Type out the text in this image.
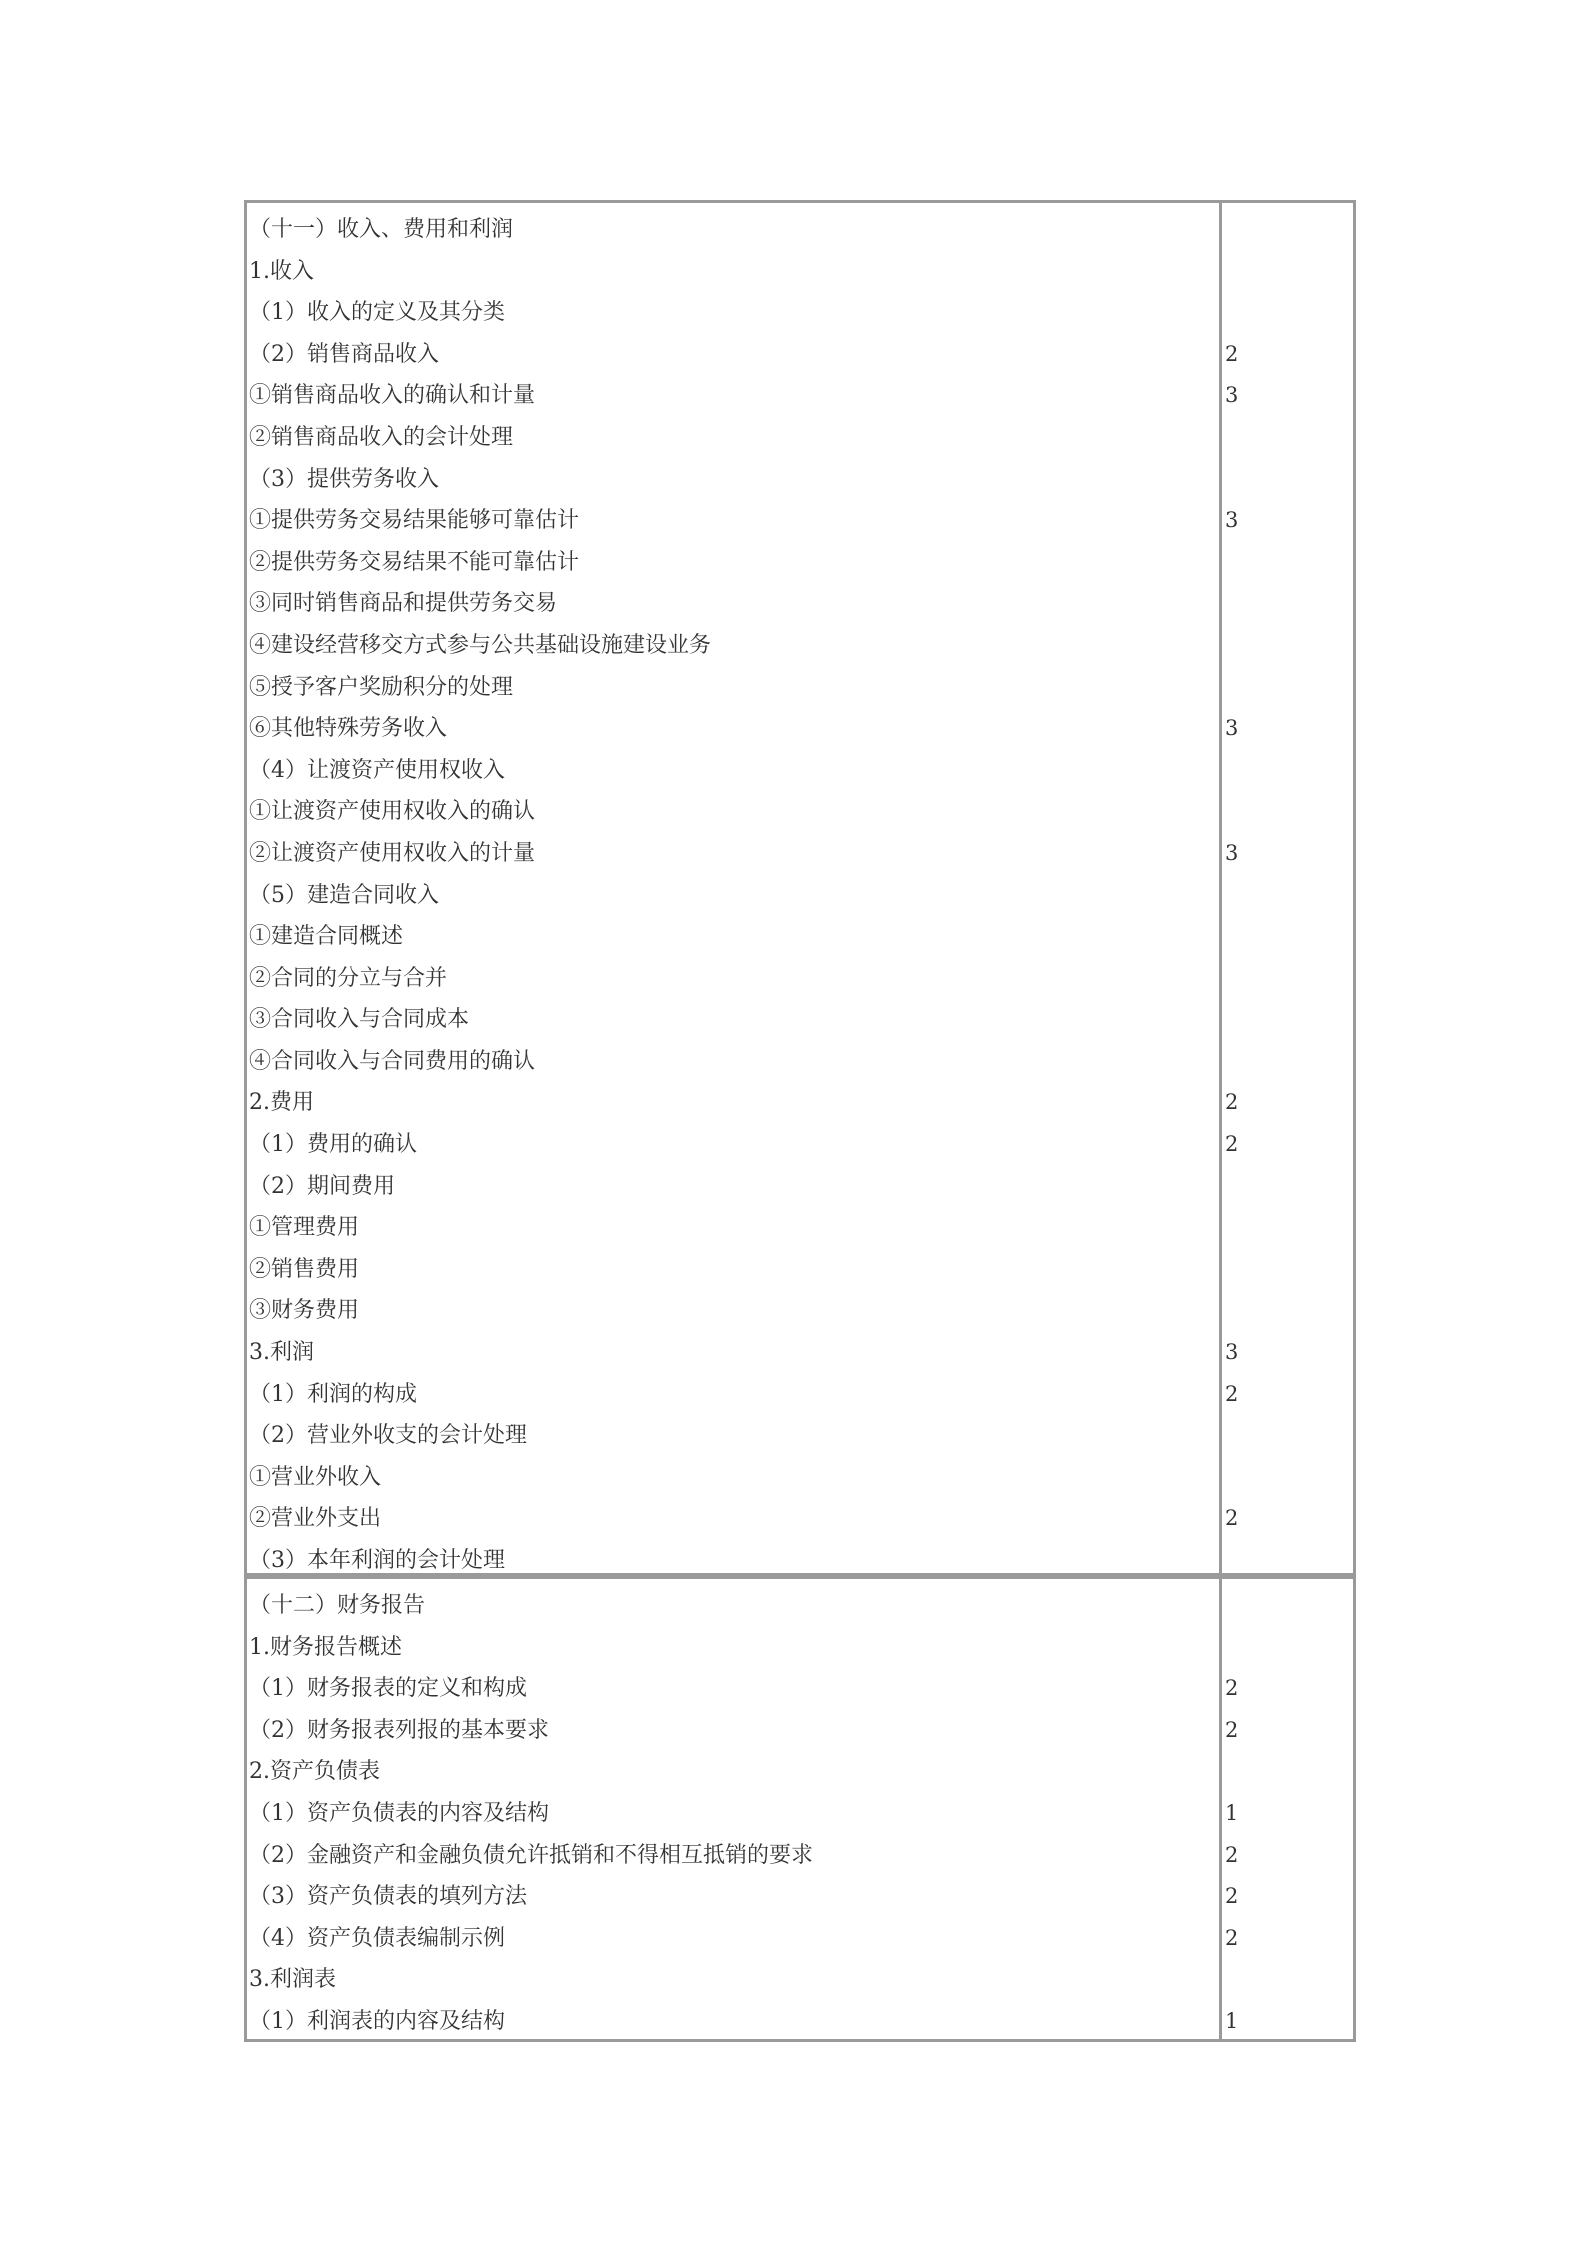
（十一）收入、费用和利润
1.收入
（1）收入的定义及其分类
（2）销售商品收入
①销售商品收入的确认和计量
②销售商品收入的会计处理
（3）提供劳务收入
①提供劳务交易结果能够可靠估计
②提供劳务交易结果不能可靠估计
③同时销售商品和提供劳务交易
④建设经营移交方式参与公共基础设施建设业务
⑤授予客户奖励积分的处理
⑥其他特殊劳务收入
（4）让渡资产使用权收入
①让渡资产使用权收入的确认
②让渡资产使用权收入的计量
（5）建造合同收入
①建造合同概述
②合同的分立与合并
③合同收入与合同成本
④合同收入与合同费用的确认
2.费用
（1）费用的确认
（2）期间费用
①管理费用
②销售费用
③财务费用
3.利润
（1）利润的构成
（2）营业外收支的会计处理
①营业外收入
②营业外支出
（3）本年利润的会计处理
2
3
3
3
3
2
2
3
2
2
（十二）财务报告
1.财务报告概述
（1）财务报表的定义和构成
（2）财务报表列报的基本要求
2.资产负债表
（1）资产负债表的内容及结构
（2）金融资产和金融负债允许抵销和不得相互抵销的要求
（3）资产负债表的填列方法
（4）资产负债表编制示例
3.利润表
（1）利润表的内容及结构
2
2
1
2
2
2
1
